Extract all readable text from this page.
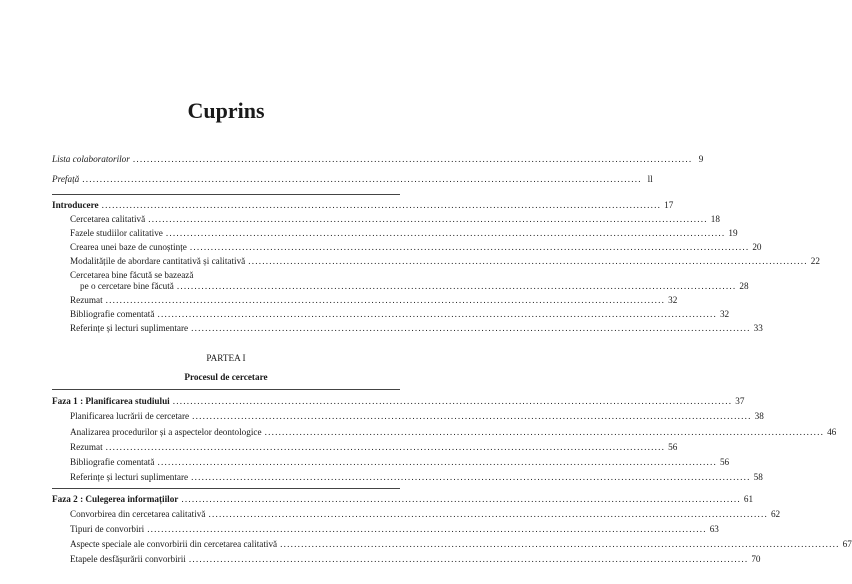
Cuprins
Lista colaboratorilor ................................................................................................................................................................ 9
Prefață ................................................................................................................................................................ ll
Introducere ................................................................................................................................................................ 17
Cercetarea calitativă ................................................................................................................................................................ 18
Fazele studiilor calitative ................................................................................................................................................................ 19
Crearea unei baze de cunoștințe ................................................................................................................................................................ 20
Modalitățile de abordare cantitativă și calitativă ................................................................................................................................................................ 22
Cercetarea bine făcută se bazează
pe o cercetare bine făcută ................................................................................................................................................................ 28
Rezumat ................................................................................................................................................................ 32
Bibliografie comentată ................................................................................................................................................................ 32
Referințe și lecturi suplimentare ................................................................................................................................................................ 33
PARTEA I
Procesul de cercetare
Faza 1 : Planificarea studiului ................................................................................................................................................................ 37
Planificarea lucrării de cercetare ................................................................................................................................................................ 38
Analizarea procedurilor și a aspectelor deontologice ................................................................................................................................................................ 46
Rezumat ................................................................................................................................................................ 56
Bibliografie comentată ................................................................................................................................................................ 56
Referințe și lecturi suplimentare ................................................................................................................................................................ 58
Faza 2 : Culegerea informațiilor ................................................................................................................................................................ 61
Convorbirea din cercetarea calitativă ................................................................................................................................................................ 62
Tipuri de convorbiri ................................................................................................................................................................ 63
Aspecte speciale ale convorbirii din cercetarea calitativă ................................................................................................................................................................ 67
Etapele desfășurării convorbirii ................................................................................................................................................................ 70
